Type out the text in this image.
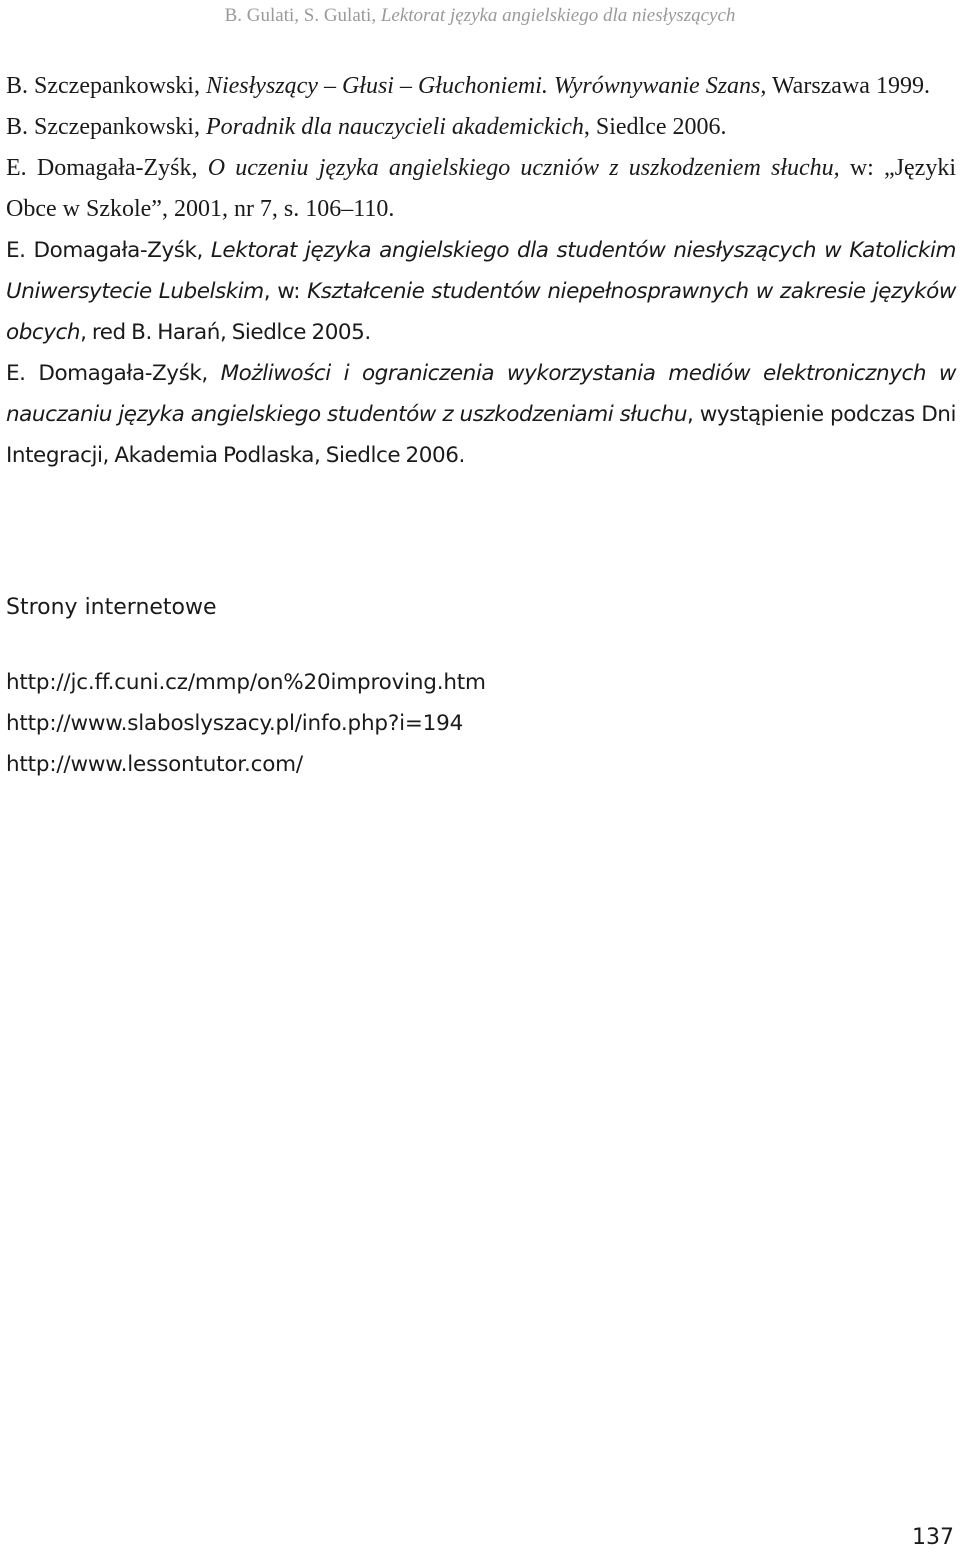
B. Gulati, S. Gulati, Lektorat języka angielskiego dla niesłyszących

B. Szczepankowski, Niesłyszący – Głusi – Głuchoniemi. Wyrównywanie Szans, Warszawa 1999.

B. Szczepankowski, Poradnik dla nauczycieli akademickich, Siedlce 2006.

E. Domagała-Zyśk, O uczeniu języka angielskiego uczniów z uszkodzeniem słuchu, w: „Języki Obce w Szkole”, 2001, nr 7, s. 106–110.

E. Domagała-Zyśk, Lektorat języka angielskiego dla studentów niesłyszących w Katolickim Uniwersytecie Lubelskim, w: Kształcenie studentów niepełnosprawnych w zakresie języków obcych, red B. Harań, Siedlce 2005.

E. Domagała-Zyśk, Możliwości i ograniczenia wykorzystania mediów elektronicznych w nauczaniu języka angielskiego studentów z uszkodzeniami słuchu, wystąpienie podczas Dni Integracji, Akademia Podlaska, Siedlce 2006.

Strony internetowe
http://jc.ff.cuni.cz/mmp/on%20improving.htm
http://www.slaboslyszacy.pl/info.php?i=194
http://www.lessontutor.com/
137
